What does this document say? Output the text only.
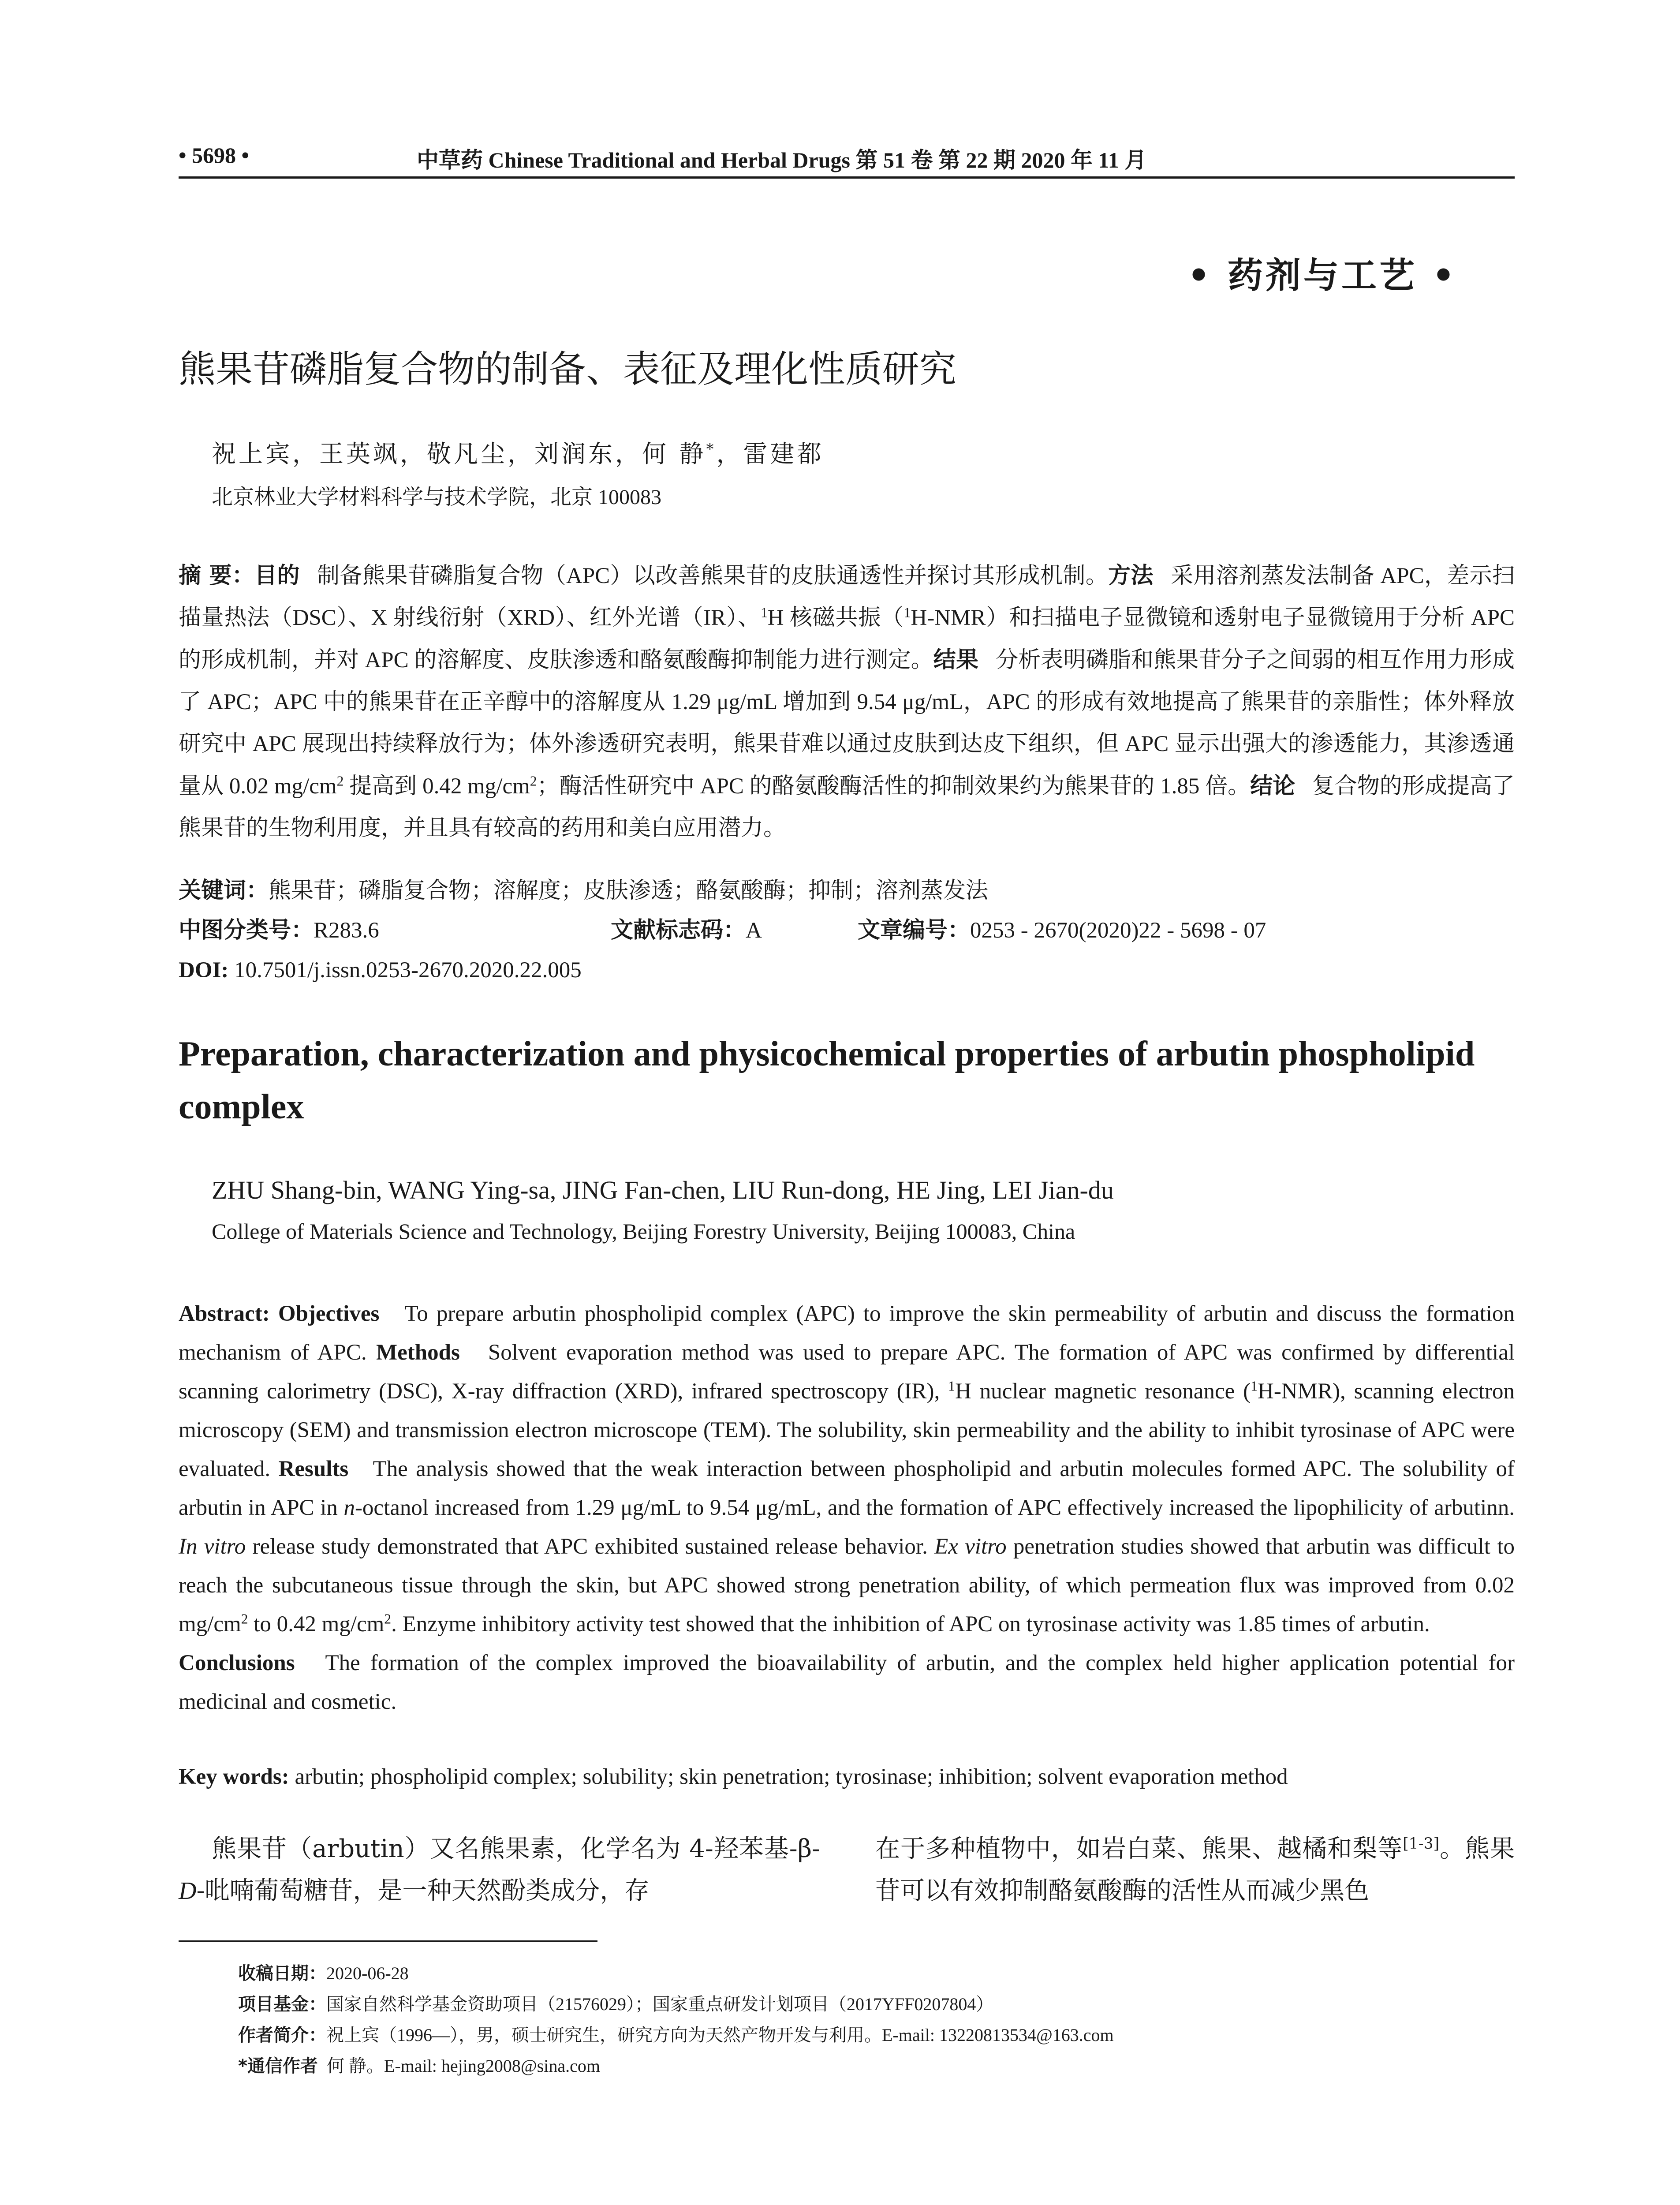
• 5698 •	中草药 Chinese Traditional and Herbal Drugs 第 51 卷 第 22 期 2020 年 11 月
• 药剂与工艺 •
熊果苷磷脂复合物的制备、表征及理化性质研究
祝上宾，王英飒，敬凡尘，刘润东，何 静*，雷建都
北京林业大学材料科学与技术学院，北京 100083
摘 要：目的 制备熊果苷磷脂复合物（APC）以改善熊果苷的皮肤通透性并探讨其形成机制。方法 采用溶剂蒸发法制备 APC，差示扫描量热法（DSC）、X 射线衍射（XRD）、红外光谱（IR）、$^1$H 核磁共振（$^1$H-NMR）和扫描电子显微镜和透射电子显微镜用于分析 APC 的形成机制，并对 APC 的溶解度、皮肤渗透和酪氨酸酶抑制能力进行测定。结果 分析表明磷脂和熊果苷分子之间弱的相互作用力形成了 APC；APC 中的熊果苷在正辛醇中的溶解度从 1.29 μg/mL 增加到 9.54 μg/mL，APC 的形成有效地提高了熊果苷的亲脂性；体外释放研究中 APC 展现出持续释放行为；体外渗透研究表明，熊果苷难以通过皮肤到达皮下组织，但 APC 显示出强大的渗透能力，其渗透通量从 0.02 $mg/cm^2$ 提高到 0.42 $mg/cm^2$；酶活性研究中 APC 的酪氨酸酶活性的抑制效果约为熊果苷的 1.85 倍。结论 复合物的形成提高了熊果苷的生物利用度，并且具有较高的药用和美白应用潜力。
关键词：熊果苷；磷脂复合物；溶解度；皮肤渗透；酪氨酸酶；抑制；溶剂蒸发法
中图分类号：R283.6	文献标志码：A	文章编号：0253 - 2670(2020)22 - 5698 - 07
DOI: 10.7501/j.issn.0253-2670.2020.22.005
Preparation, characterization and physicochemical properties of arbutin phospholipid complex
ZHU Shang-bin, WANG Ying-sa, JING Fan-chen, LIU Run-dong, HE Jing, LEI Jian-du
College of Materials Science and Technology, Beijing Forestry University, Beijing 100083, China
Abstract: Objectives To prepare arbutin phospholipid complex (APC) to improve the skin permeability of arbutin and discuss the formation mechanism of APC. Methods Solvent evaporation method was used to prepare APC. The formation of APC was confirmed by differential scanning calorimetry (DSC), X-ray diffraction (XRD), infrared spectroscopy (IR), $^1$H nuclear magnetic resonance ($^1$H-NMR), scanning electron microscopy (SEM) and transmission electron microscope (TEM). The solubility, skin permeability and the ability to inhibit tyrosinase of APC were evaluated. Results The analysis showed that the weak interaction between phospholipid and arbutin molecules formed APC. The solubility of arbutin in APC in n-octanol increased from 1.29 μg/mL to 9.54 μg/mL, and the formation of APC effectively increased the lipophilicity of arbutinn. In vitro release study demonstrated that APC exhibited sustained release behavior. Ex vitro penetration studies showed that arbutin was difficult to reach the subcutaneous tissue through the skin, but APC showed strong penetration ability, of which permeation flux was improved from 0.02 $mg/cm^2$ to 0.42 $mg/cm^2$. Enzyme inhibitory activity test showed that the inhibition of APC on tyrosinase activity was 1.85 times of arbutin.
Conclusions The formation of the complex improved the bioavailability of arbutin, and the complex held higher application potential for medicinal and cosmetic.
Key words: arbutin; phospholipid complex; solubility; skin penetration; tyrosinase; inhibition; solvent evaporation method
熊果苷（arbutin）又名熊果素，化学名为 4-羟苯基-β-D-吡喃葡萄糖苷，是一种天然酚类成分，存
在于多种植物中，如岩白菜、熊果、越橘和梨等[1-3]。熊果苷可以有效抑制酪氨酸酶的活性从而减少黑色
收稿日期：2020-06-28
项目基金：国家自然科学基金资助项目（21576029）；国家重点研发计划项目（2017YFF0207804）
作者简介：祝上宾（1996—），男，硕士研究生，研究方向为天然产物开发与利用。E-mail: 13220813534@163.com
*通信作者 何 静。E-mail: hejing2008@sina.com
